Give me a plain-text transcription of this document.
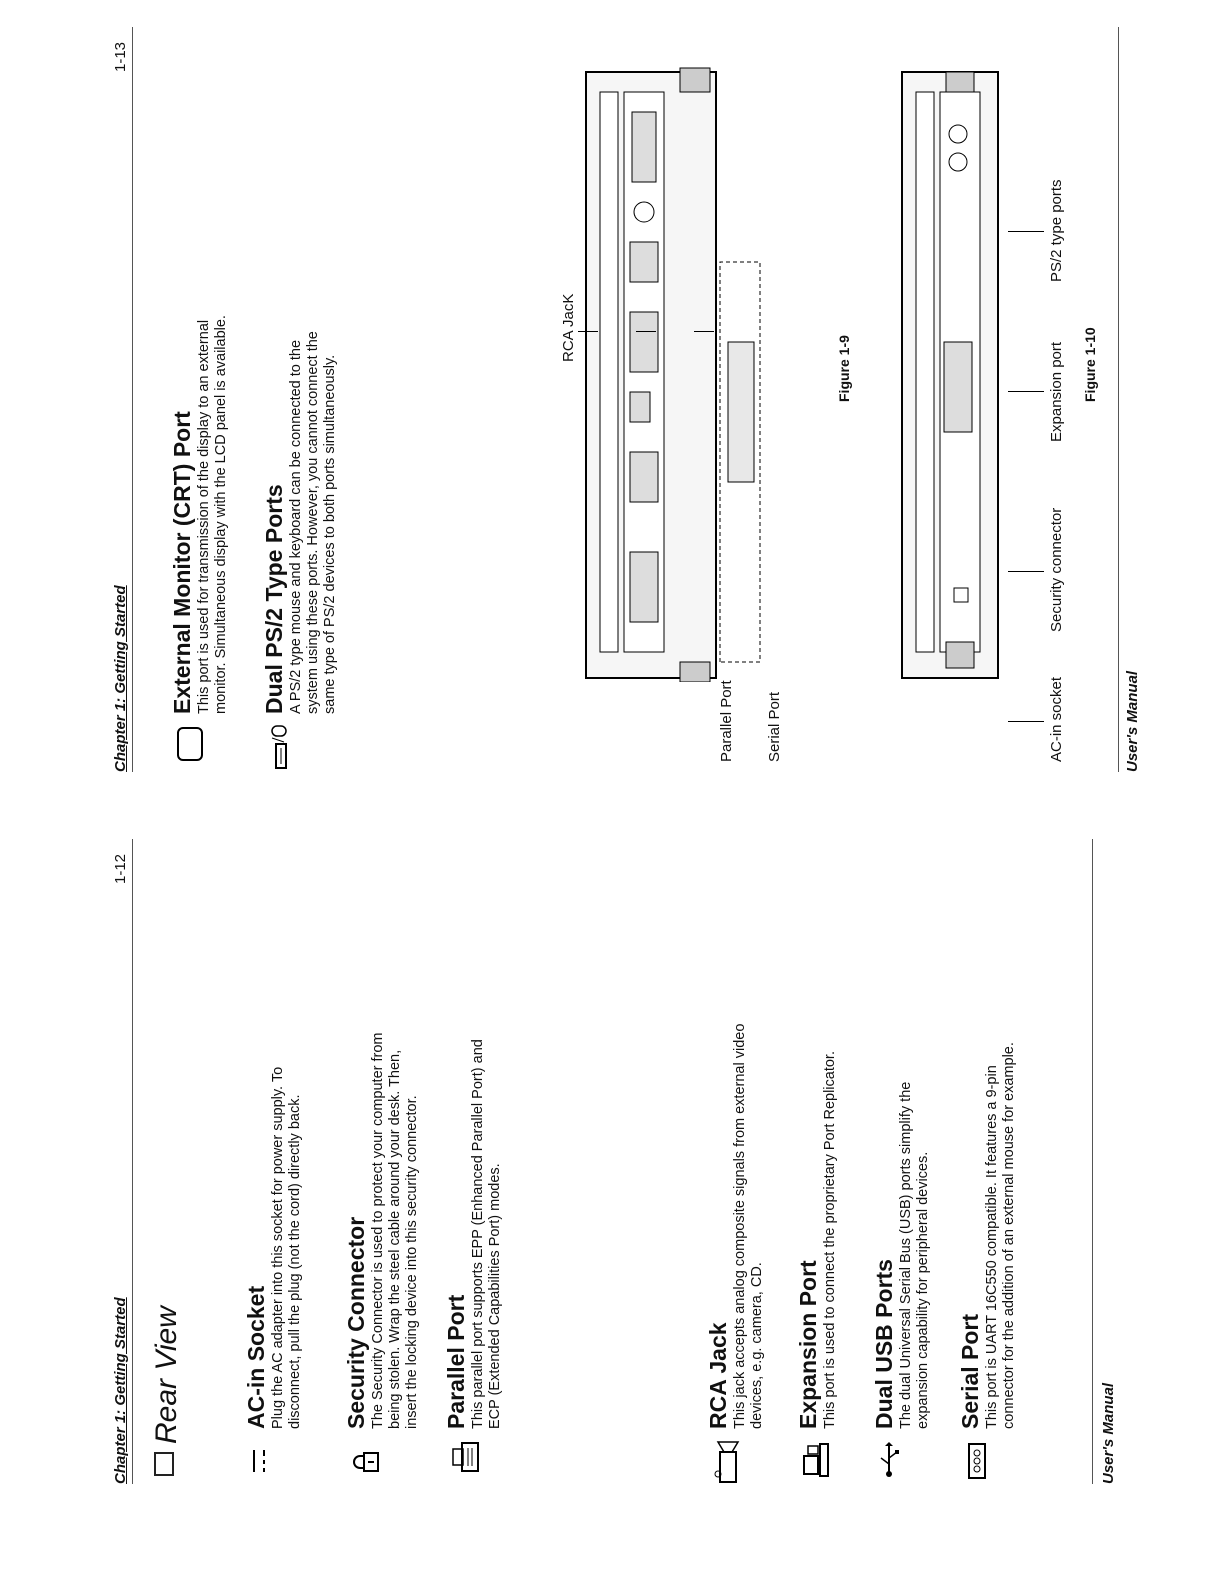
Chapter 1: Getting Started
1-12
Rear View	AC-in Socket Plug the AC adapter into this socket for power supply. To
disconnect, pull the plug (not the cord) directly back. Security Connector The Security Connector is used to protect your computer from
being stolen. Wrap the steel cable around your desk. Then,
insert the locking device into this security connector. Parallel Port This parallel port supports EPP (Enhanced Parallel Port) and
ECP (Extended Capabilities Port) modes.	RCA Jack This jack accepts analog composite signals from external video
devices, e.g. camera, CD. Expansion Port This port is used to connect the proprietary Port Replicator. Dual USB Ports The dual Universal Serial Bus (USB) ports simplify the
expansion capability for peripheral devices. Serial Port This port is UART 16C550 compatible. It features a 9-pin
connector for the addition of an external mouse for example.

User's Manual
Chapter 1: Getting Started
1-13
External Monitor (CRT) Port This port is used for transmission of the display to an external
monitor. Simultaneous display with the LCD panel is available. Dual PS/2 Type Ports A PS/2 type mouse and keyboard can be connected to the
system using these ports. However, you cannot connect the
same type of PS/2 devices to both ports simultaneously.

RCA JacK
Parallel Port Serial Port
Figure 1-9
AC-in socket
Security connector
Expansion port
PS/2 type ports
Figure 1-10
User's Manual
